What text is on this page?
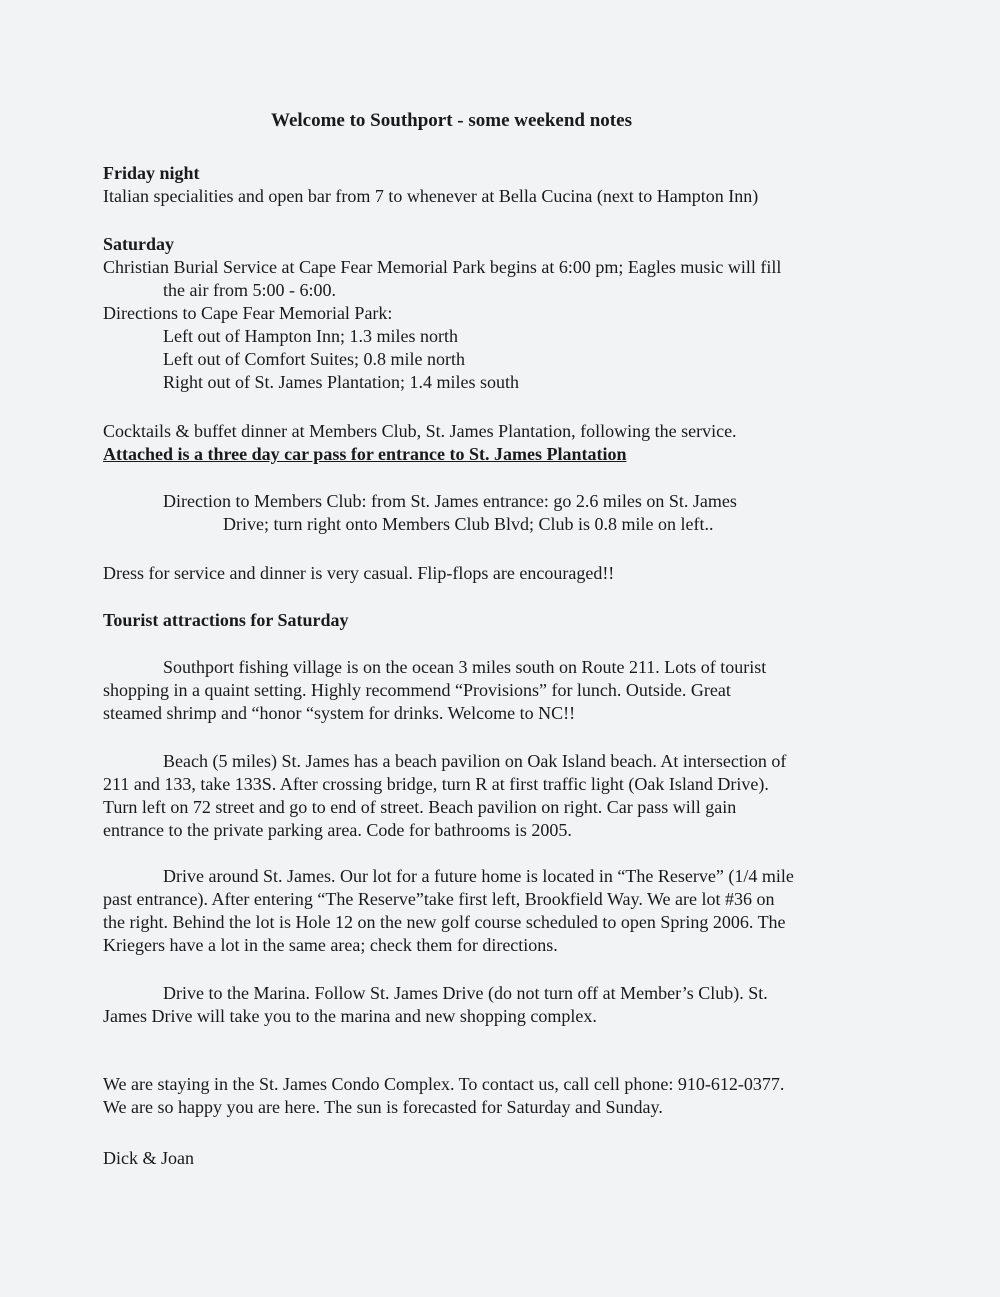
Welcome to Southport - some weekend notes
Friday night
Italian specialities and open bar from 7 to whenever at Bella Cucina (next to Hampton Inn)
Saturday
Christian Burial Service at Cape Fear Memorial Park begins at 6:00 pm; Eagles music will fill
the air from 5:00 - 6:00.
Directions to Cape Fear Memorial Park:
Left out of Hampton Inn; 1.3 miles north
Left out of Comfort Suites; 0.8 mile north
Right out of St. James Plantation; 1.4 miles south
Cocktails & buffet dinner at Members Club, St. James Plantation, following the service.
Attached is a three day car pass for entrance to St. James Plantation
Direction to Members Club: from St. James entrance: go 2.6 miles on St. James
Drive; turn right onto Members Club Blvd; Club is 0.8 mile on left..
Dress for service and dinner is very casual. Flip-flops are encouraged!!
Tourist attractions for Saturday
Southport fishing village is on the ocean 3 miles south on Route 211. Lots of tourist
shopping in a quaint setting. Highly recommend “Provisions” for lunch. Outside. Great
steamed shrimp and “honor “system for drinks. Welcome to NC!!
Beach (5 miles) St. James has a beach pavilion on Oak Island beach. At intersection of
211 and 133, take 133S. After crossing bridge, turn R at first traffic light (Oak Island Drive).
Turn left on 72 street and go to end of street. Beach pavilion on right. Car pass will gain
entrance to the private parking area. Code for bathrooms is 2005.
Drive around St. James. Our lot for a future home is located in “The Reserve” (1/4 mile
past entrance). After entering “The Reserve”take first left, Brookfield Way. We are lot #36 on
the right. Behind the lot is Hole 12 on the new golf course scheduled to open Spring 2006. The
Kriegers have a lot in the same area; check them for directions.
Drive to the Marina. Follow St. James Drive (do not turn off at Member’s Club). St.
James Drive will take you to the marina and new shopping complex.
We are staying in the St. James Condo Complex. To contact us, call cell phone: 910-612-0377.
We are so happy you are here. The sun is forecasted for Saturday and Sunday.
Dick & Joan
